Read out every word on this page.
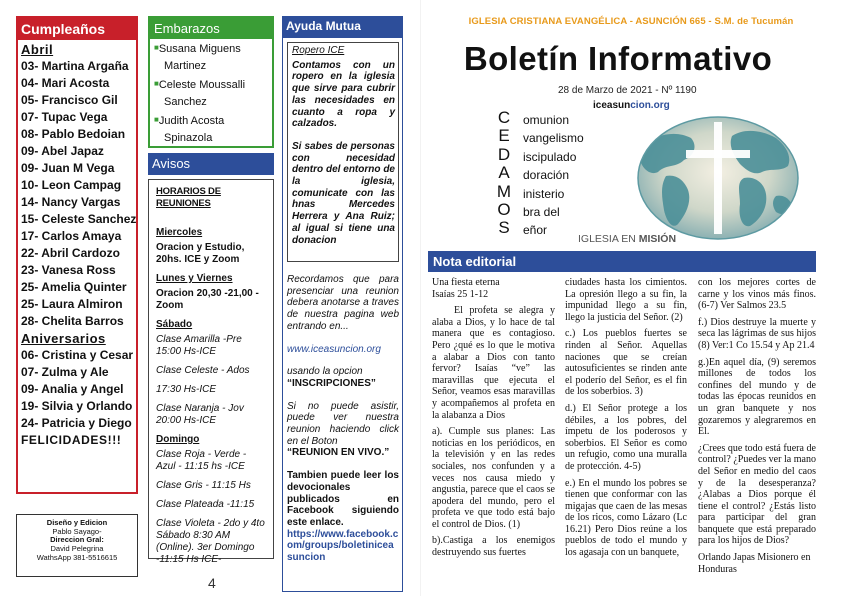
Cumpleaños
Abril
03- Martina Argaña
04- Mari Acosta
05- Francisco Gil
07- Tupac Vega
08- Pablo Bedoian
09- Abel Japaz
09- Juan M Vega
10- Leon Campag
14- Nancy Vargas
15- Celeste Sanchez
17- Carlos Amaya
22- Abril Cardozo
23- Vanesa Ross
25- Amelia Quinter
25- Laura Almiron
28- Chelita Barros
Aniversarios
06- Cristina y Cesar
07- Zulma y Ale
09- Analia y Angel
19- Silvia y Orlando
24- Patricia y Diego
FELICIDADES!!!
Diseño y Edicion
Pablo Sayago-
Direccion Gral:
David Pelegrina
WathsApp 381-5516615
4
Embarazos
■Susana Miguens
Martinez
■Celeste Moussalli
Sanchez
■Judith Acosta
Spinazola
Avisos
HORARIOS DE REUNIONES
Miercoles

Oracion y Estudio, 20hs. ICE y Zoom

Lunes y Viernes

Oracion 20,30 -21,00 -Zoom

Sábado

Clase Amarilla -Pre 15:00 Hs-ICE

Clase Celeste - Ados

17:30 Hs-ICE

Clase Naranja - Jov 20:00 Hs-ICE

Domingo

Clase Roja - Verde - Azul - 11:15 hs -ICE

Clase Gris - 11:15 Hs

Clase Plateada -11:15

Clase Violeta - 2do y 4to Sábado 8:30 AM (Online). 3er Domingo -11:15 Hs ICE-

Ayuda Mutua
Ropero ICE

Contamos con un ropero en la iglesia que sirve para cubrir las necesidades en cuanto a ropa y calzados.

Si sabes de personas con necesidad dentro del entorno de la iglesia, comunicate con las hnas Mercedes Herrera y Ana Ruiz; al igual si tiene una donacion

Recordamos que para presenciar una reunion debera anotarse a traves de nuestra pagina web entrando en...

www.iceasuncion.org

usando la opcion

“INSCRIPCIONES”

Si no puede asistir, puede ver nuestra reunion haciendo click en el Boton

“REUNION EN VIVO.”

Tambien puede leer los devocionales publicados en Facebook siguiendo este enlace.

https://www.facebook.com/groups/boletiniceasuncion

IGLESIA CRISTIANA EVANGÉLICA - ASUNCIÓN 665 - S.M. de Tucumán
Boletín Informativo
28 de Marzo de 2021 - Nº 1190
iceasuncion.org
C omunion
E vangelismo
D iscipulado
A doración
M inisterio
O bra del
S eñor
IGLESIA EN MISIÓN
Nota editorial

Una fiesta eterna

Isaías 25 1-12

El profeta se alegra y alaba a Dios, y lo hace de tal manera que es contagioso. Pero ¿qué es lo que le motiva a alabar a Dios con tanto fervor? Isaías “ve” las maravillas que ejecuta el Señor, veamos esas maravillas y acompañemos al profeta en la alabanza a Dios

a). Cumple sus planes: Las noticias en los periódicos, en la televisión y en las redes sociales, nos confunden y a veces nos causa miedo y angustia, parece que el caos se apodera del mundo, pero el profeta ve que todo está bajo el control de Dios. (1)

b).Castiga a los enemigos destruyendo sus fuertes

ciudades hasta los cimientos. La opresión llego a su fin, la impunidad llego a su fin, llego la justicia del Señor. (2)

c.) Los pueblos fuertes se rinden al Señor. Aquellas naciones que se creían autosuficientes se rinden ante el poderío del Señor, es el fin de los soberbios. 3)

d.) El Señor protege a los débiles, a los pobres, del ímpetu de los poderosos y soberbios. El Señor es como un refugio, como una muralla de protección. 4-5)

e.) En el mundo los pobres se tienen que conformar con las migajas que caen de las mesas de los ricos, como Lázaro (Lc 16.21) Pero Dios reúne a los pueblos de todo el mundo y los agasaja con un banquete,

con los mejores cortes de carne y los vinos más finos. (6-7) Ver Salmos 23.5

f.) Dios destruye la muerte y seca las lágrimas de sus hijos (8) Ver:1 Co 15.54 y Ap 21.4

g.)En aquel día, (9) seremos millones de todos los confines del mundo y de todas las épocas reunidos en un gran banquete y nos gozaremos y alegraremos en El.

¿Crees que todo está fuera de control? ¿Puedes ver la mano del Señor en medio del caos y de la desesperanza? ¿Alabas a Dios porque él tiene el control? ¿Estás listo para participar del gran banquete que está preparado para los hijos de Dios?

Orlando Japas Misionero en Honduras
